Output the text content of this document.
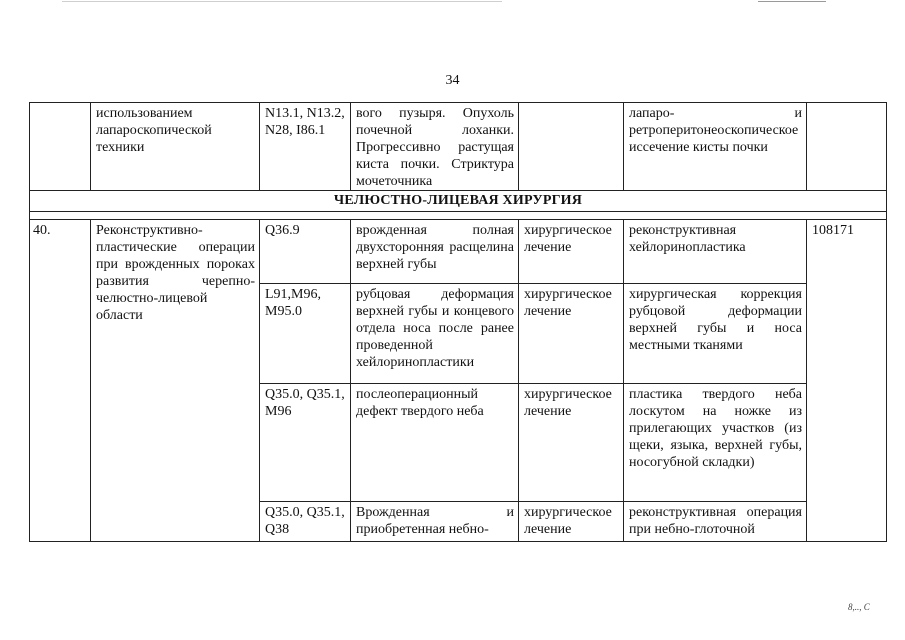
34
	использованием лапароскопической техники	N13.1, N13.2, N28, I86.1	вого пузыря. Опухоль почечной лоханки. Прогрессивно растущая киста почки. Стриктура мочеточника		лапаро- и ретроперитонеоскопическое иссечение кисты почки	
ЧЕЛЮСТНО-ЛИЦЕВАЯ ХИРУРГИЯ						

40.	Реконструктивно-пластические операции при врожденных пороках развития черепно-челюстно-лицевой области	Q36.9	врожденная полная двухсторонняя расщелина верхней губы	хирургическое лечение	реконструктивная хейлоринопластика	108171
		L91,M96, M95.0	рубцовая деформация верхней губы и концевого отдела носа после ранее проведенной хейлоринопластики	хирургическое лечение	хирургическая коррекция рубцовой деформации верхней губы и носа местными тканями	
		Q35.0, Q35.1, M96	послеоперационный дефект твердого неба	хирургическое лечение	пластика твердого неба лоскутом на ножке из прилегающих участков (из щеки, языка, верхней губы, носогубной складки)	
		Q35.0, Q35.1, Q38	Врожденная и приобретенная небно-	хирургическое лечение	реконструктивная операция при небно-глоточной	
8,.., C
